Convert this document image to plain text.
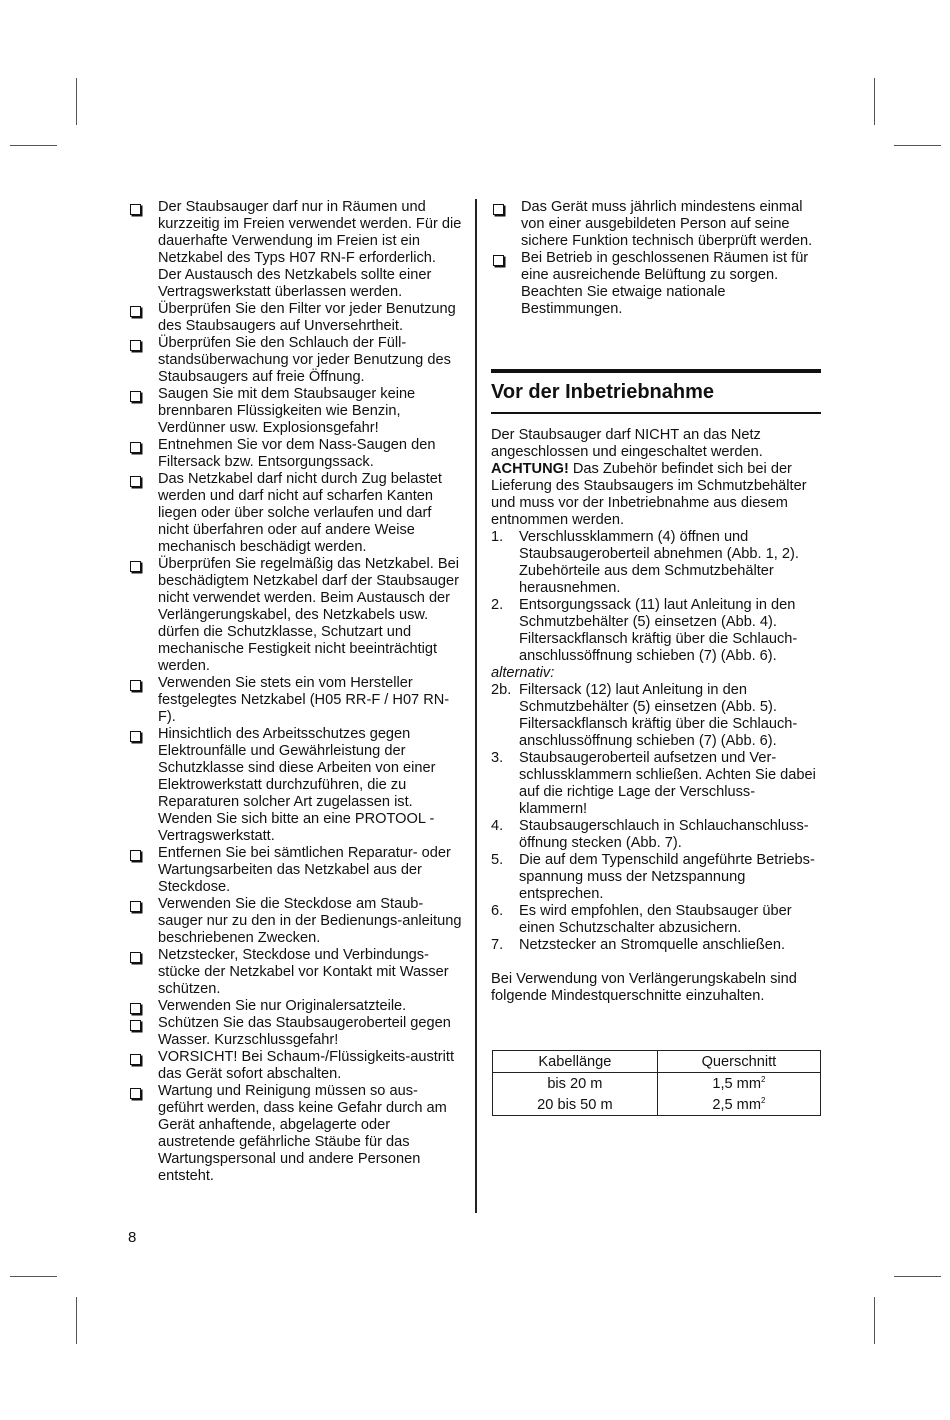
Der Staubsauger darf nur in Räumen und kurzzeitig im Freien verwendet werden. Für die dauerhafte Verwendung im Freien ist ein Netzkabel des Typs H07 RN-F erforderlich. Der Austausch des Netzkabels sollte einer Vertragswerkstatt überlassen werden.
Überprüfen Sie den Filter vor jeder Benutzung des Staubsaugers auf Unversehrtheit.
Überprüfen Sie den Schlauch der Füll-standsüberwachung vor jeder Benutzung des Staubsaugers auf freie Öffnung.
Saugen Sie mit dem Staubsauger keine brennbaren Flüssigkeiten wie Benzin, Verdünner usw. Explosionsgefahr!
Entnehmen Sie vor dem Nass-Saugen den Filtersack bzw. Entsorgungssack.
Das Netzkabel darf nicht durch Zug belastet werden und darf nicht auf scharfen Kanten liegen oder über solche verlaufen und darf nicht überfahren oder auf andere Weise mechanisch beschädigt werden.
Überprüfen Sie regelmäßig das Netzkabel. Bei beschädigtem Netzkabel darf der Staubsauger nicht verwendet werden. Beim Austausch der Verlängerungskabel, des Netzkabels usw. dürfen die Schutzklasse, Schutzart und mechanische Festigkeit nicht beeinträchtigt werden.
Verwenden Sie stets ein vom Hersteller festgelegtes Netzkabel (H05 RR-F / H07 RN-F).
Hinsichtlich des Arbeitsschutzes gegen Elektrounfälle und Gewährleistung der Schutzklasse sind diese Arbeiten von einer Elektrowerkstatt durchzuführen, die zu Reparaturen solcher Art zugelassen ist. Wenden Sie sich bitte an eine PROTOOL - Vertragswerkstatt.
Entfernen Sie bei sämtlichen Reparatur- oder Wartungsarbeiten das Netzkabel aus der Steckdose.
Verwenden Sie die Steckdose am Staub-sauger nur zu den in der Bedienungs-anleitung beschriebenen Zwecken.
Netzstecker, Steckdose und Verbindungs-stücke der Netzkabel vor Kontakt mit Wasser schützen.
Verwenden Sie nur Originalersatzteile.
Schützen Sie das Staubsaugeroberteil gegen Wasser. Kurzschlussgefahr!
VORSICHT! Bei Schaum-/Flüssigkeits-austritt das Gerät sofort abschalten.
Wartung und Reinigung müssen so aus-geführt werden, dass keine Gefahr durch am Gerät anhaftende, abgelagerte oder austretende gefährliche Stäube für das Wartungspersonal und andere Personen entsteht.
Das Gerät muss jährlich mindestens einmal von einer ausgebildeten Person auf seine sichere Funktion technisch überprüft werden.
Bei Betrieb in geschlossenen Räumen ist für eine ausreichende Belüftung zu sorgen. Beachten Sie etwaige nationale Bestimmungen.
Vor der Inbetriebnahme

Der Staubsauger darf NICHT an das Netz angeschlossen und eingeschaltet werden.
ACHTUNG! Das Zubehör befindet sich bei der Lieferung des Staubsaugers im Schmutzbehälter und muss vor der Inbetriebnahme aus diesem entnommen werden.

1. Verschlussklammern (4) öffnen und Staubsaugeroberteil abnehmen (Abb. 1, 2). Zubehörteile aus dem Schmutzbehälter herausnehmen.
2. Entsorgungssack (11) laut Anleitung in den Schmutzbehälter (5) einsetzen (Abb. 4). Filtersackflansch kräftig über die Schlauch-anschlussöffnung schieben (7) (Abb. 6).
alternativ:
2b. Filtersack (12) laut Anleitung in den Schmutzbehälter (5) einsetzen (Abb. 5). Filtersackflansch kräftig über die Schlauch-anschlussöffnung schieben (7) (Abb. 6).
3. Staubsaugeroberteil aufsetzen und Ver-schlussklammern schließen. Achten Sie dabei auf die richtige Lage der Verschluss-klammern!
4. Staubsaugerschlauch in Schlauchanschluss-öffnung stecken (Abb. 7).
5. Die auf dem Typenschild angeführte Betriebs-spannung muss der Netzspannung entsprechen.
6. Es wird empfohlen, den Staubsauger über einen Schutzschalter abzusichern.
7. Netzstecker an Stromquelle anschließen.

Bei Verwendung von Verlängerungskabeln sind folgende Mindestquerschnitte einzuhalten.

Kabellänge	Querschnitt
bis 20 m	1,5 $mm^2$
20 bis 50 m	2,5 $mm^2$
8
